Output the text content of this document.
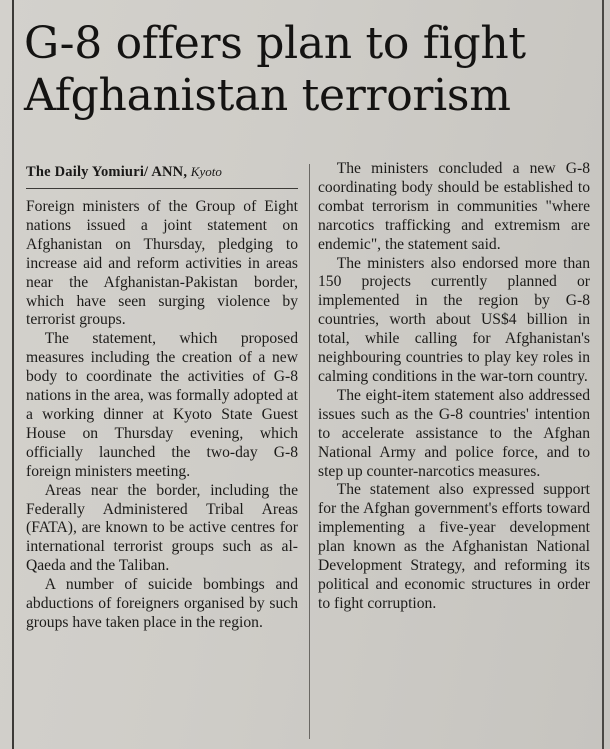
G-8 offers plan to fight
Afghanistan terrorism
The Daily Yomiuri/ ANN, Kyoto

Foreign ministers of the Group of Eight nations issued a joint statement on Afghanistan on Thursday, pledging to increase aid and reform activities in areas near the Afghanistan-Pakistan border, which have seen surging violence by terrorist groups.

The statement, which proposed measures including the creation of a new body to coordinate the activities of G-8 nations in the area, was formally adopted at a working dinner at Kyoto State Guest House on Thursday evening, which officially launched the two-day G-8 foreign ministers meeting.

Areas near the border, including the Federally Administered Tribal Areas (FATA), are known to be active centres for international terrorist groups such as al-Qaeda and the Taliban.

A number of suicide bombings and abductions of foreigners organised by such groups have taken place in the region.

The ministers concluded a new G-8 coordinating body should be established to combat terrorism in communities "where narcotics trafficking and extremism are endemic", the statement said.

The ministers also endorsed more than 150 projects currently planned or implemented in the region by G-8 countries, worth about US$4 billion in total, while calling for Afghanistan's neighbouring countries to play key roles in calming conditions in the war-torn country.

The eight-item statement also addressed issues such as the G-8 countries' intention to accelerate assistance to the Afghan National Army and police force, and to step up counter-narcotics measures.

The statement also expressed support for the Afghan government's efforts toward implementing a five-year development plan known as the Afghanistan National Development Strategy, and reforming its political and economic structures in order to fight corruption.
